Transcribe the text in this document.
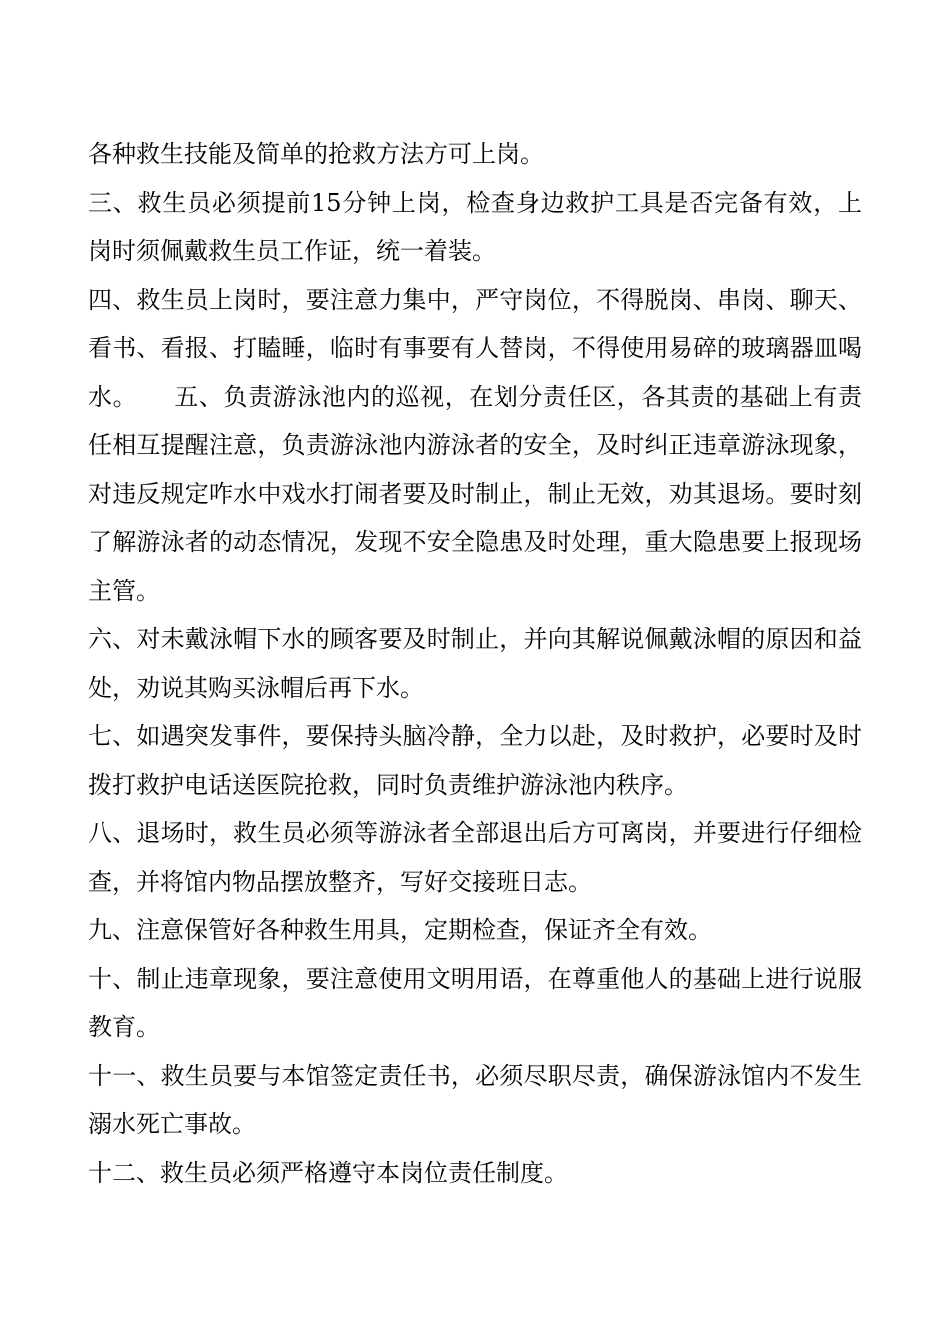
各种救生技能及简单的抢救方法方可上岗。

三、救生员必须提前15分钟上岗，检查身边救护工具是否完备有效，上岗时须佩戴救生员工作证，统一着装。

四、救生员上岗时，要注意力集中，严守岗位，不得脱岗、串岗、聊天、看书、看报、打瞌睡，临时有事要有人替岗，不得使用易碎的玻璃器皿喝水。　　五、负责游泳池内的巡视，在划分责任区，各其责的基础上有责任相互提醒注意，负责游泳池内游泳者的安全，及时纠正违章游泳现象，对违反规定咋水中戏水打闹者要及时制止，制止无效，劝其退场。要时刻了解游泳者的动态情况，发现不安全隐患及时处理，重大隐患要上报现场主管。

六、对未戴泳帽下水的顾客要及时制止，并向其解说佩戴泳帽的原因和益处，劝说其购买泳帽后再下水。

七、如遇突发事件，要保持头脑冷静，全力以赴，及时救护，必要时及时拨打救护电话送医院抢救，同时负责维护游泳池内秩序。

八、退场时，救生员必须等游泳者全部退出后方可离岗，并要进行仔细检查，并将馆内物品摆放整齐，写好交接班日志。

九、注意保管好各种救生用具，定期检查，保证齐全有效。

十、制止违章现象，要注意使用文明用语，在尊重他人的基础上进行说服教育。

十一、救生员要与本馆签定责任书，必须尽职尽责，确保游泳馆内不发生溺水死亡事故。

十二、救生员必须严格遵守本岗位责任制度。
